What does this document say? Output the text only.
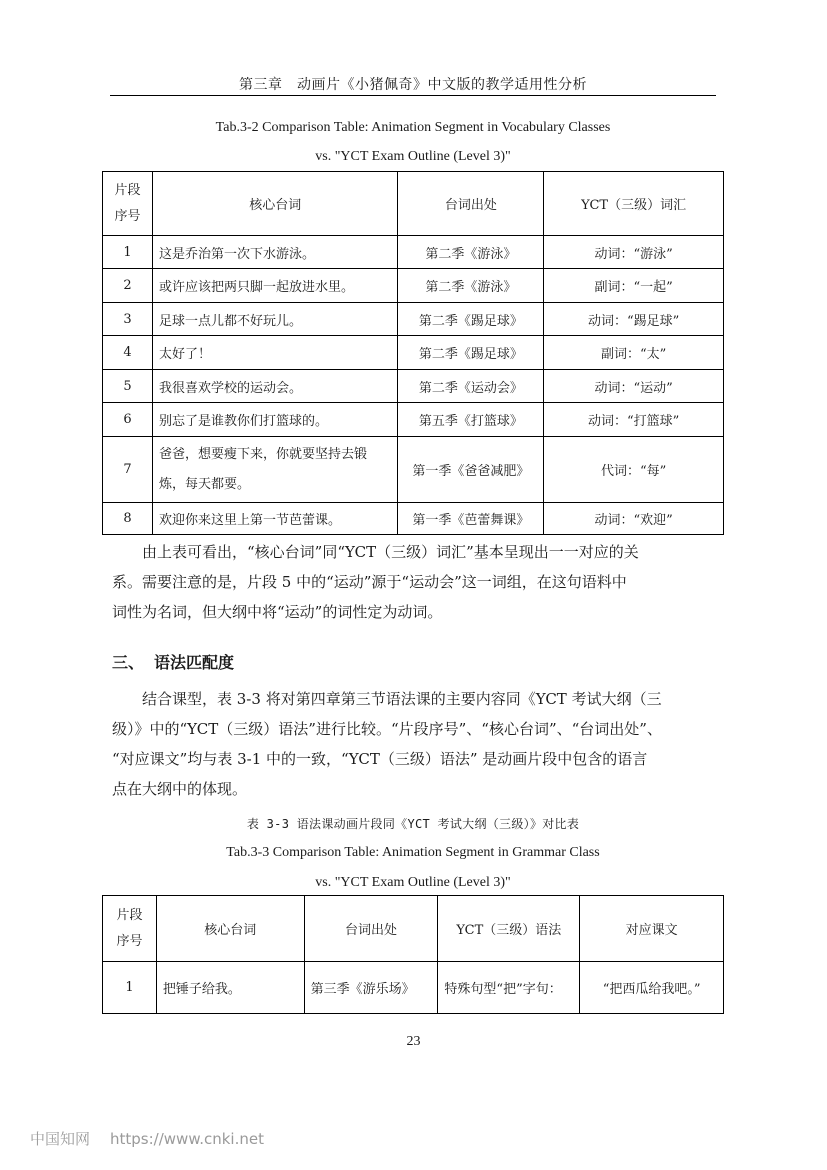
第三章　动画片《小猪佩奇》中文版的教学适用性分析
Tab.3-2 Comparison Table: Animation Segment in Vocabulary Classes
vs. "YCT Exam Outline (Level 3)"
片段
序号	核心台词	台词出处	YCT（三级）词汇
1	这是乔治第一次下水游泳。	第二季《游泳》	动词：“游泳”
2	或许应该把两只脚一起放进水里。	第二季《游泳》	副词：“一起”
3	足球一点儿都不好玩儿。	第二季《踢足球》	动词：“踢足球”
4	太好了！	第二季《踢足球》	副词：“太”
5	我很喜欢学校的运动会。	第二季《运动会》	动词：“运动”
6	别忘了是谁教你们打篮球的。	第五季《打篮球》	动词：“打篮球”
7	爸爸，想要瘦下来，你就要坚持去锻
炼，每天都要。	第一季《爸爸减肥》	代词：“每”
8	欢迎你来这里上第一节芭蕾课。	第一季《芭蕾舞课》	动词：“欢迎”
由上表可看出，“核心台词”同“YCT（三级）词汇”基本呈现出一一对应的关
系。需要注意的是，片段 5 中的“运动”源于“运动会”这一词组，在这句语料中
词性为名词，但大纲中将“运动”的词性定为动词。
三、 语法匹配度
结合课型，表 3-3 将对第四章第三节语法课的主要内容同《YCT 考试大纲（三
级）》中的“YCT（三级）语法”进行比较。“片段序号”、“核心台词”、“台词出处”、
“对应课文”均与表 3-1 中的一致，“YCT（三级）语法” 是动画片段中包含的语言
点在大纲中的体现。
表 3-3 语法课动画片段同《YCT 考试大纲（三级）》对比表
Tab.3-3 Comparison Table: Animation Segment in Grammar Class
vs. "YCT Exam Outline (Level 3)"
片段
序号	核心台词	台词出处	YCT（三级）语法	对应课文
1	把锤子给我。	第三季《游乐场》	特殊句型“把”字句：	“把西瓜给我吧。”
23
中国知网 https://www.cnki.net
